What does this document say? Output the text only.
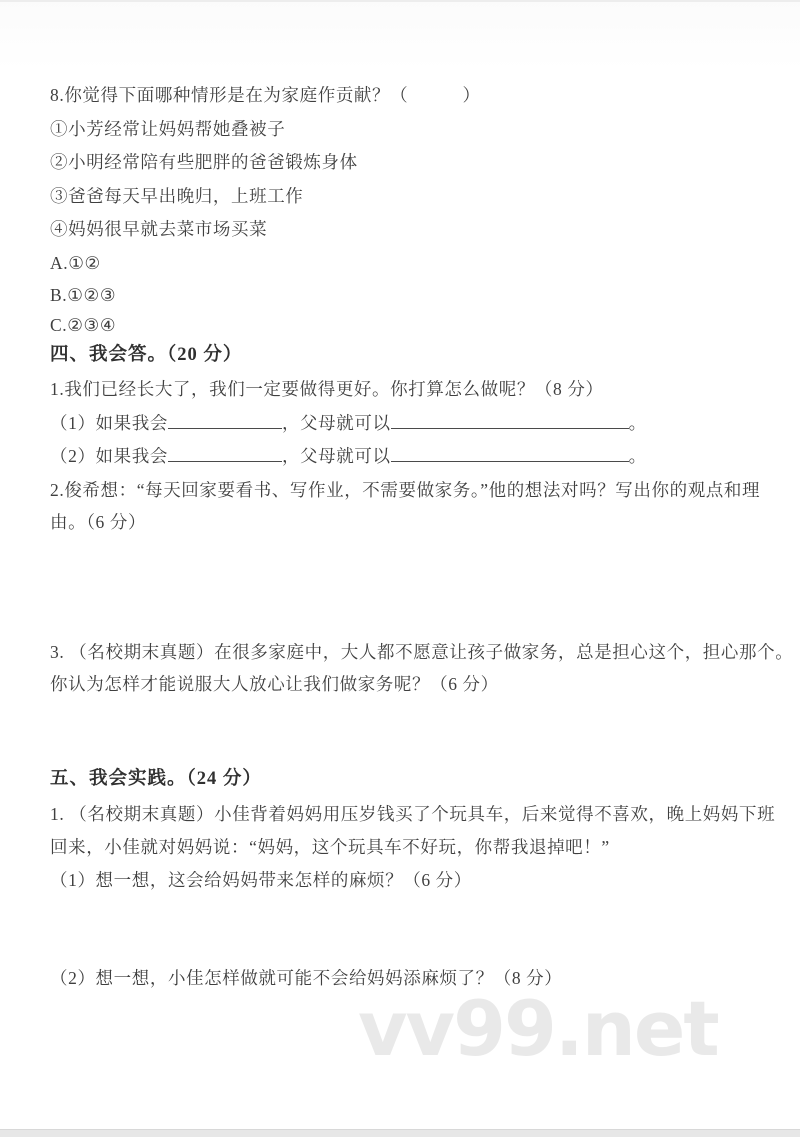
8.你觉得下面哪种情形是在为家庭作贡献？（　　　）
①小芳经常让妈妈帮她叠被子
②小明经常陪有些肥胖的爸爸锻炼身体
③爸爸每天早出晚归，上班工作
④妈妈很早就去菜市场买菜
A.①②
B.①②③
C.②③④
四、我会答。（20 分）
1.我们已经长大了，我们一定要做得更好。你打算怎么做呢？（8 分）
（1）如果我会	，父母就可以	。
（2）如果我会	，父母就可以	。
2.俊希想：“每天回家要看书、写作业，不需要做家务。”他的想法对吗？写出你的观点和理
由。（6 分）
3. （名校期末真题）在很多家庭中，大人都不愿意让孩子做家务，总是担心这个，担心那个。
你认为怎样才能说服大人放心让我们做家务呢？（6 分）
五、我会实践。（24 分）
1. （名校期末真题）小佳背着妈妈用压岁钱买了个玩具车，后来觉得不喜欢，晚上妈妈下班
回来，小佳就对妈妈说：“妈妈，这个玩具车不好玩，你帮我退掉吧！”
（1）想一想，这会给妈妈带来怎样的麻烦？（6 分）
（2）想一想，小佳怎样做就可能不会给妈妈添麻烦了？（8 分）
vv99.net
